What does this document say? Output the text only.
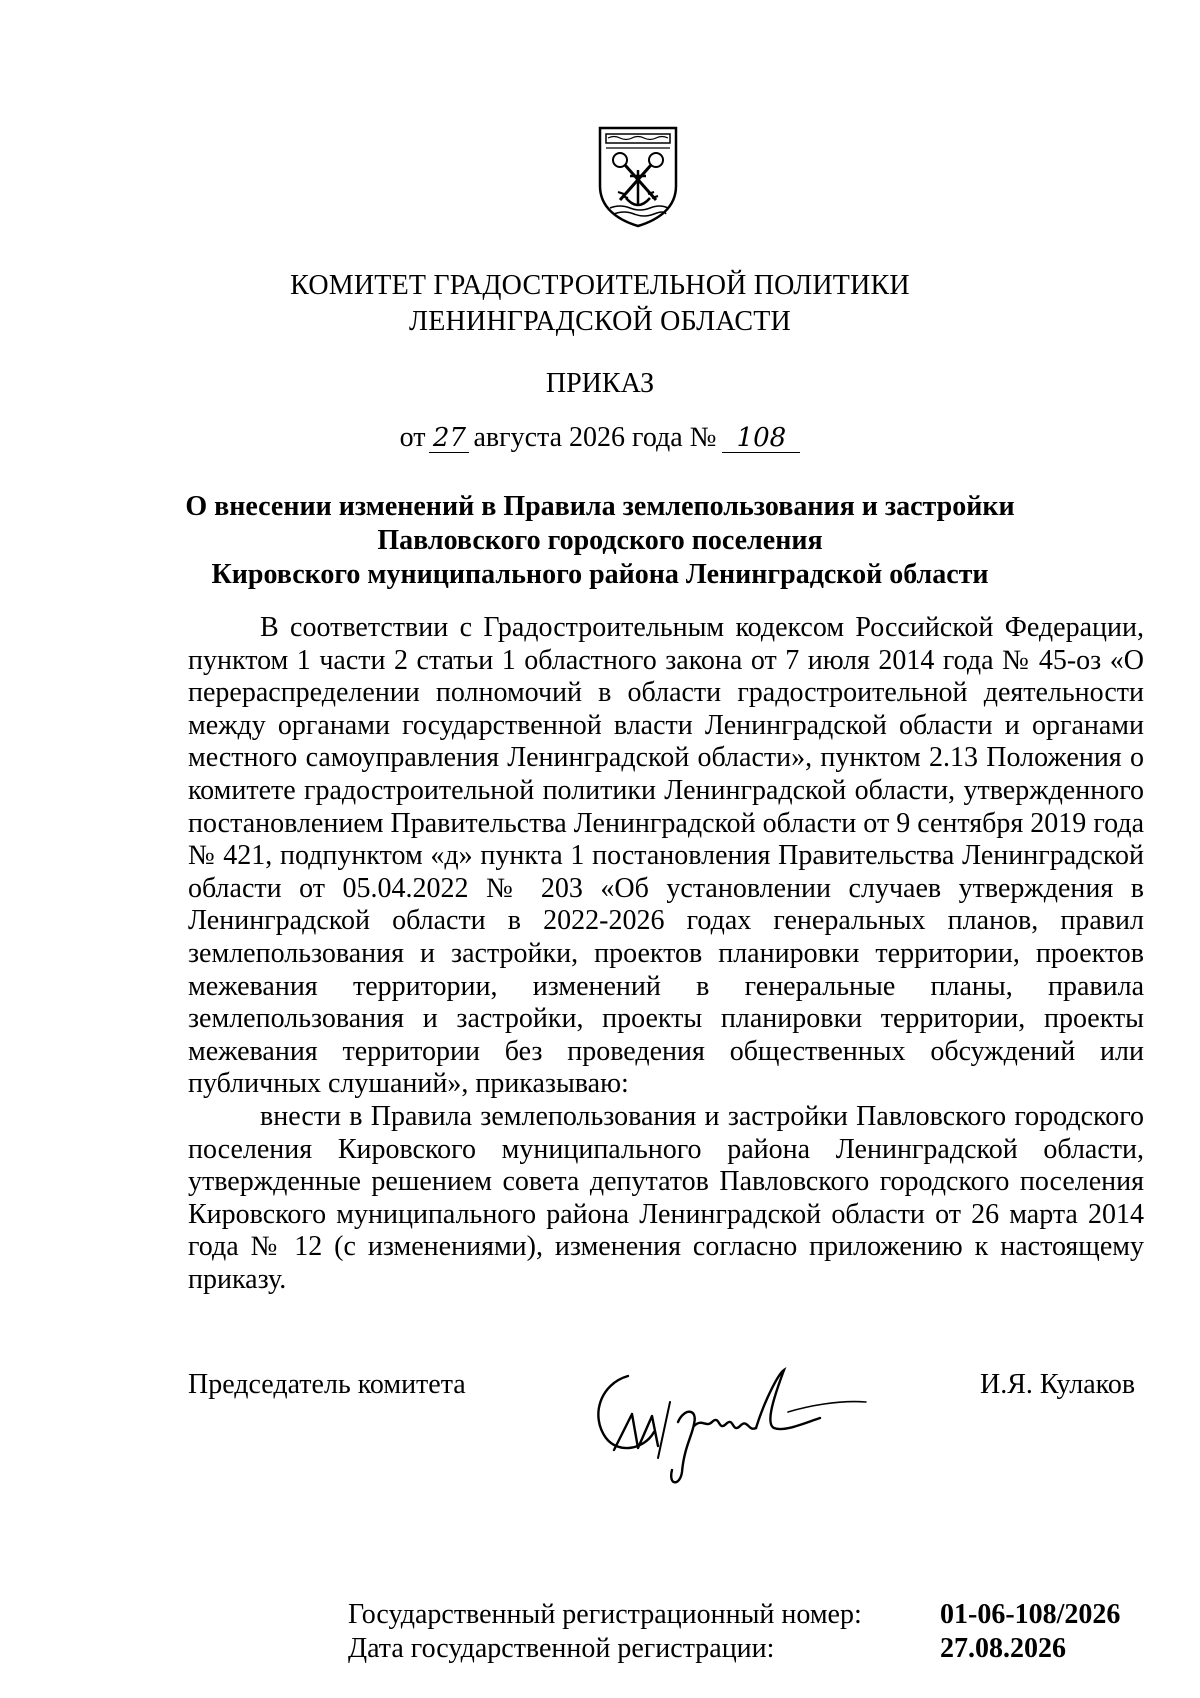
КОМИТЕТ ГРАДОСТРОИТЕЛЬНОЙ ПОЛИТИКИ
ЛЕНИНГРАДСКОЙ ОБЛАСТИ
ПРИКАЗ
от 27 августа 2026 года № 108
О внесении изменений в Правила землепользования и застройки
Павловского городского поселения
Кировского муниципального района Ленинградской области

В соответствии с Градостроительным кодексом Российской Федерации, пунктом 1 части 2 статьи 1 областного закона от 7 июля 2014 года № 45-оз «О перераспределении полномочий в области градостроительной деятельности между органами государственной власти Ленинградской области и органами местного самоуправления Ленинградской области», пунктом 2.13 Положения о комитете градостроительной политики Ленинградской области, утвержденного постановлением Правительства Ленинградской области от 9 сентября 2019 года № 421, подпунктом «д» пункта 1 постановления Правительства Ленинградской области от 05.04.2022 № 203 «Об установлении случаев утверждения в Ленинградской области в 2022-2026 годах генеральных планов, правил землепользования и застройки, проектов планировки территории, проектов межевания территории, изменений в генеральные планы, правила землепользования и застройки, проекты планировки территории, проекты межевания территории без проведения общественных обсуждений или публичных слушаний», приказываю:

внести в Правила землепользования и застройки Павловского городского поселения Кировского муниципального района Ленинградской области, утвержденные решением совета депутатов Павловского городского поселения Кировского муниципального района Ленинградской области от 26 марта 2014 года № 12 (с изменениями), изменения согласно приложению к настоящему приказу.

Председатель комитета	И.Я. Кулаков
Государственный регистрационный номер:
Дата государственной регистрации:
01-06-108/2026
27.08.2026
